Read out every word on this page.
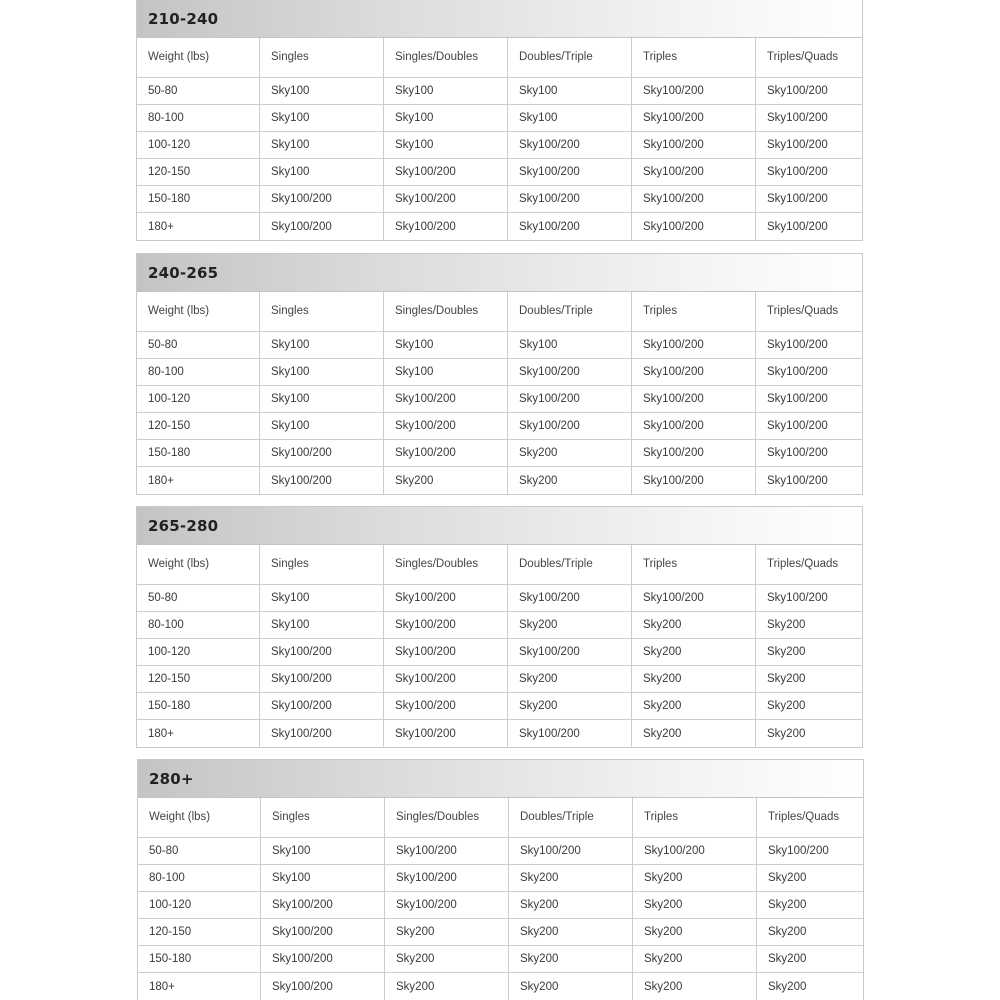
210-240
Weight (lbs)	Singles	Singles/Doubles	Doubles/Triple	Triples	Triples/Quads
50-80	Sky100	Sky100	Sky100	Sky100/200	Sky100/200
80-100	Sky100	Sky100	Sky100	Sky100/200	Sky100/200
100-120	Sky100	Sky100	Sky100/200	Sky100/200	Sky100/200
120-150	Sky100	Sky100/200	Sky100/200	Sky100/200	Sky100/200
150-180	Sky100/200	Sky100/200	Sky100/200	Sky100/200	Sky100/200
180+	Sky100/200	Sky100/200	Sky100/200	Sky100/200	Sky100/200
240-265
Weight (lbs)	Singles	Singles/Doubles	Doubles/Triple	Triples	Triples/Quads
50-80	Sky100	Sky100	Sky100	Sky100/200	Sky100/200
80-100	Sky100	Sky100	Sky100/200	Sky100/200	Sky100/200
100-120	Sky100	Sky100/200	Sky100/200	Sky100/200	Sky100/200
120-150	Sky100	Sky100/200	Sky100/200	Sky100/200	Sky100/200
150-180	Sky100/200	Sky100/200	Sky200	Sky100/200	Sky100/200
180+	Sky100/200	Sky200	Sky200	Sky100/200	Sky100/200
265-280
Weight (lbs)	Singles	Singles/Doubles	Doubles/Triple	Triples	Triples/Quads
50-80	Sky100	Sky100/200	Sky100/200	Sky100/200	Sky100/200
80-100	Sky100	Sky100/200	Sky200	Sky200	Sky200
100-120	Sky100/200	Sky100/200	Sky100/200	Sky200	Sky200
120-150	Sky100/200	Sky100/200	Sky200	Sky200	Sky200
150-180	Sky100/200	Sky100/200	Sky200	Sky200	Sky200
180+	Sky100/200	Sky100/200	Sky100/200	Sky200	Sky200
280+
Weight (lbs)	Singles	Singles/Doubles	Doubles/Triple	Triples	Triples/Quads
50-80	Sky100	Sky100/200	Sky100/200	Sky100/200	Sky100/200
80-100	Sky100	Sky100/200	Sky200	Sky200	Sky200
100-120	Sky100/200	Sky100/200	Sky200	Sky200	Sky200
120-150	Sky100/200	Sky200	Sky200	Sky200	Sky200
150-180	Sky100/200	Sky200	Sky200	Sky200	Sky200
180+	Sky100/200	Sky200	Sky200	Sky200	Sky200
